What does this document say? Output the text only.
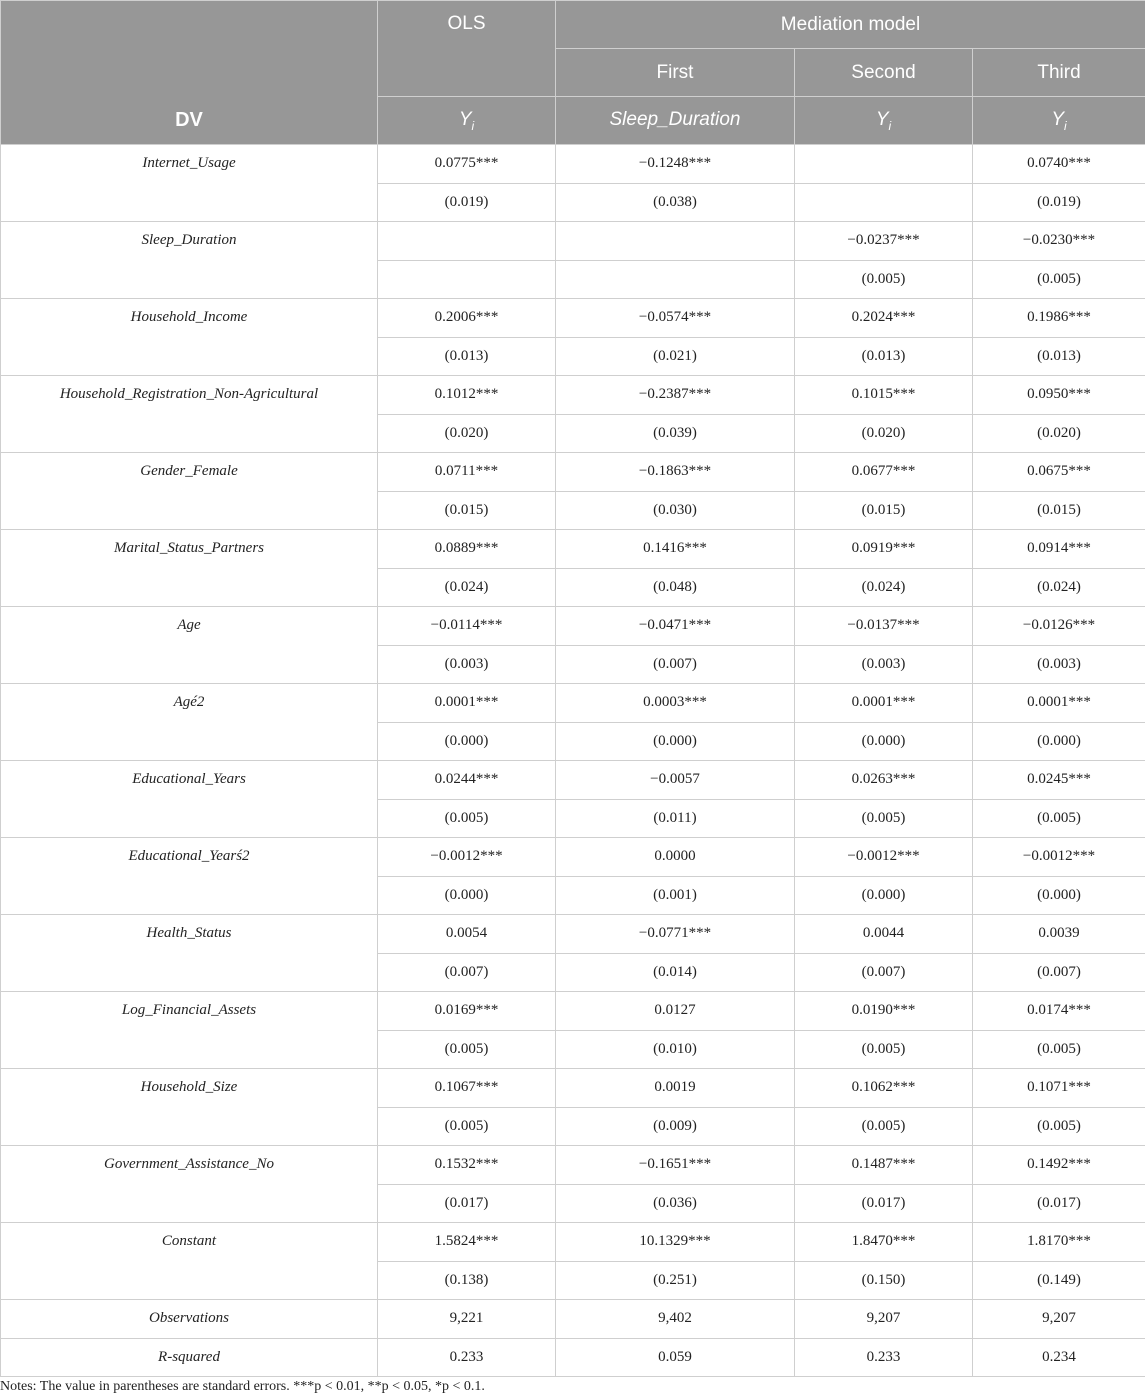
DV	OLS	Mediation model		
		First	Second	Third
	$Y_i$	Sleep_Duration	$Y_i$	$Y_i$
Internet_Usage	0.0775***	−0.1248***		0.0740***
	(0.019)	(0.038)		(0.019)
Sleep_Duration			−0.0237***	−0.0230***
			(0.005)	(0.005)
Household_Income	0.2006***	−0.0574***	0.2024***	0.1986***
	(0.013)	(0.021)	(0.013)	(0.013)
Household_Registration_Non-Agricultural	0.1012***	−0.2387***	0.1015***	0.0950***
	(0.020)	(0.039)	(0.020)	(0.020)
Gender_Female	0.0711***	−0.1863***	0.0677***	0.0675***
	(0.015)	(0.030)	(0.015)	(0.015)
Marital_Status_Partners	0.0889***	0.1416***	0.0919***	0.0914***
	(0.024)	(0.048)	(0.024)	(0.024)
Age	−0.0114***	−0.0471***	−0.0137***	−0.0126***
	(0.003)	(0.007)	(0.003)	(0.003)
Agé2	0.0001***	0.0003***	0.0001***	0.0001***
	(0.000)	(0.000)	(0.000)	(0.000)
Educational_Years	0.0244***	−0.0057	0.0263***	0.0245***
	(0.005)	(0.011)	(0.005)	(0.005)
Educational_Yearś2	−0.0012***	0.0000	−0.0012***	−0.0012***
	(0.000)	(0.001)	(0.000)	(0.000)
Health_Status	0.0054	−0.0771***	0.0044	0.0039
	(0.007)	(0.014)	(0.007)	(0.007)
Log_Financial_Assets	0.0169***	0.0127	0.0190***	0.0174***
	(0.005)	(0.010)	(0.005)	(0.005)
Household_Size	0.1067***	0.0019	0.1062***	0.1071***
	(0.005)	(0.009)	(0.005)	(0.005)
Government_Assistance_No	0.1532***	−0.1651***	0.1487***	0.1492***
	(0.017)	(0.036)	(0.017)	(0.017)
Constant	1.5824***	10.1329***	1.8470***	1.8170***
	(0.138)	(0.251)	(0.150)	(0.149)
Observations	9,221	9,402	9,207	9,207
R-squared	0.233	0.059	0.233	0.234
Notes: The value in parentheses are standard errors. ***p < 0.01, **p < 0.05, *p < 0.1.
